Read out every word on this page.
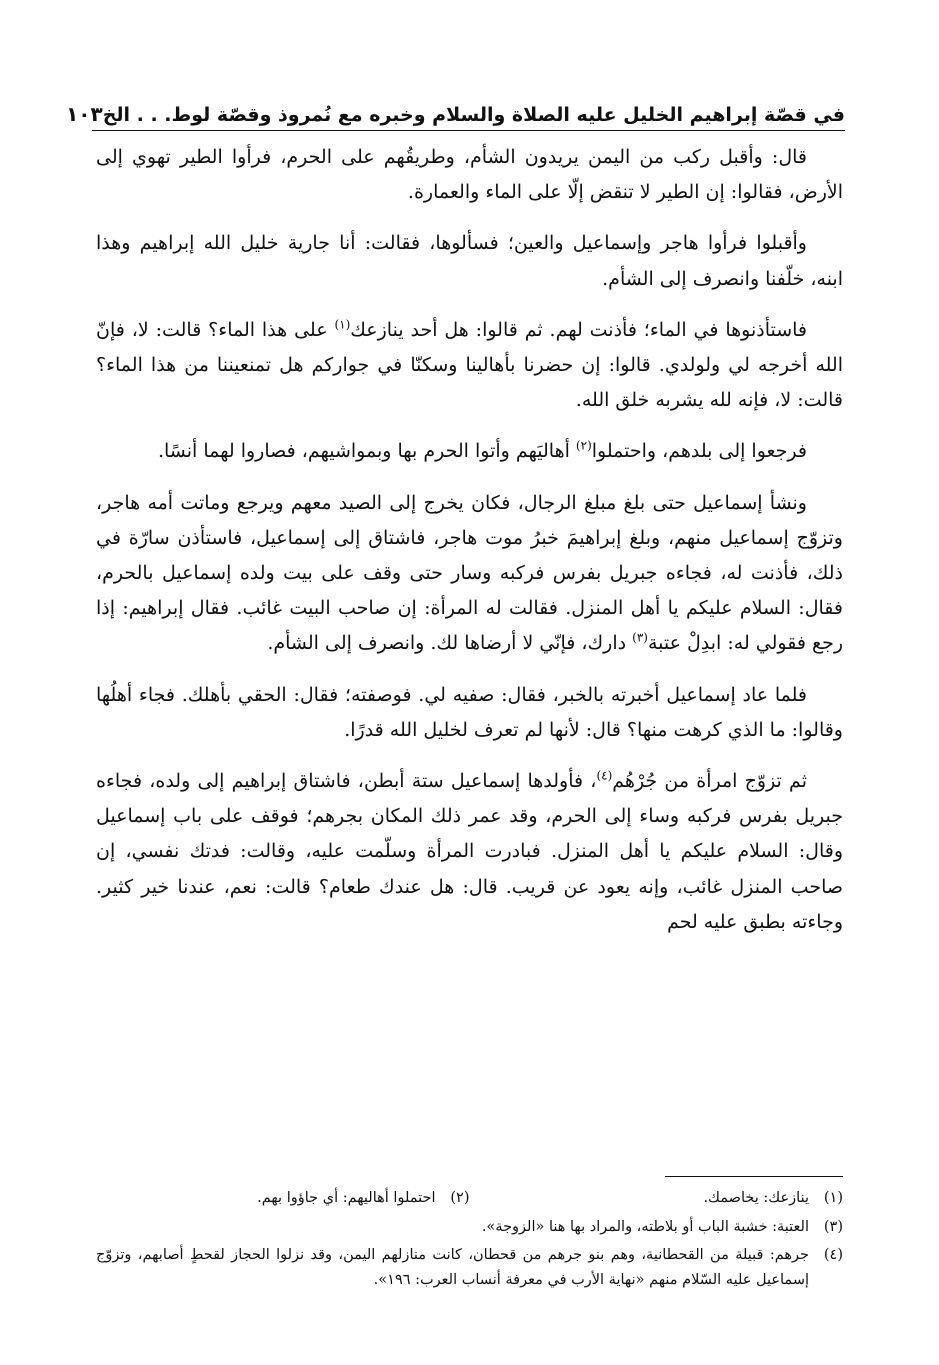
في قصّة إبراهيم الخليل عليه الصلاة والسلام وخبره مع نُمروذ وقصّة لوط. . . الخ
١٠٣

قال: وأقبل ركب من اليمن يريدون الشأم، وطريقُهم على الحرم، فرأوا الطير تهوي إلى الأرض، فقالوا: إن الطير لا تنقض إلّا على الماء والعمارة.

وأقبلوا فرأوا هاجر وإسماعيل والعين؛ فسألوها، فقالت: أنا جارية خليل الله إبراهيم وهذا ابنه، خلّفنا وانصرف إلى الشأم.

فاستأذنوها في الماء؛ فأذنت لهم. ثم قالوا: هل أحد ينازعك$^{(١)}$ على هذا الماء؟ قالت: لا، فإنّ الله أخرجه لي ولولدي. قالوا: إن حضرنا بأهالينا وسكنّا في جواركم هل تمنعيننا من هذا الماء؟ قالت: لا، فإنه لله يشربه خلق الله.

فرجعوا إلى بلدهم، واحتملوا$^{(٢)}$ أهاليَهم وأتوا الحرم بها وبمواشيهم، فصاروا لهما أنسًا.

ونشأ إسماعيل حتى بلغ مبلغ الرجال، فكان يخرج إلى الصيد معهم ويرجع وماتت أمه هاجر، وتزوّج إسماعيل منهم، وبلغ إبراهيمَ خبرُ موت هاجر، فاشتاق إلى إسماعيل، فاستأذن سارّة في ذلك، فأذنت له، فجاءه جبريل بفرس فركبه وسار حتى وقف على بيت ولده إسماعيل بالحرم، فقال: السلام عليكم يا أهل المنزل. فقالت له المرأة: إن صاحب البيت غائب. فقال إبراهيم: إذا رجع فقولي له: ابدِلْ عتبة$^{(٣)}$ دارك، فإنّي لا أرضاها لك. وانصرف إلى الشأم.

فلما عاد إسماعيل أخبرته بالخبر، فقال: صفيه لي. فوصفته؛ فقال: الحقي بأهلك. فجاء أهلُها وقالوا: ما الذي كرهت منها؟ قال: لأنها لم تعرف لخليل الله قدرًا.

ثم تزوّج امرأة من جُرْهُم$^{(٤)}$، فأولدها إسماعيل ستة أبطن، فاشتاق إبراهيم إلى ولده، فجاءه جبريل بفرس فركبه وساء إلى الحرم، وقد عمر ذلك المكان بجرهم؛ فوقف على باب إسماعيل وقال: السلام عليكم يا أهل المنزل. فبادرت المرأة وسلّمت عليه، وقالت: فدتك نفسي، إن صاحب المنزل غائب، وإنه يعود عن قريب. قال: هل عندك طعام؟ قالت: نعم، عندنا خير كثير. وجاءته بطبق عليه لحم

(١)
ينازعك: يخاصمك.
(٢)
احتملوا أهاليهم: أي جاؤوا بهم.
(٣)
العتبة: خشبة الباب أو بلاطته، والمراد بها هنا «الزوجة».
(٤)
جرهم: قبيلة من القحطانية، وهم بنو جرهم من قحطان، كانت منازلهم اليمن، وقد نزلوا الحجاز لقحطٍ أصابهم، وتزوّج إسماعيل عليه السّلام منهم «نهاية الأرب في معرفة أنساب العرب: ١٩٦».
